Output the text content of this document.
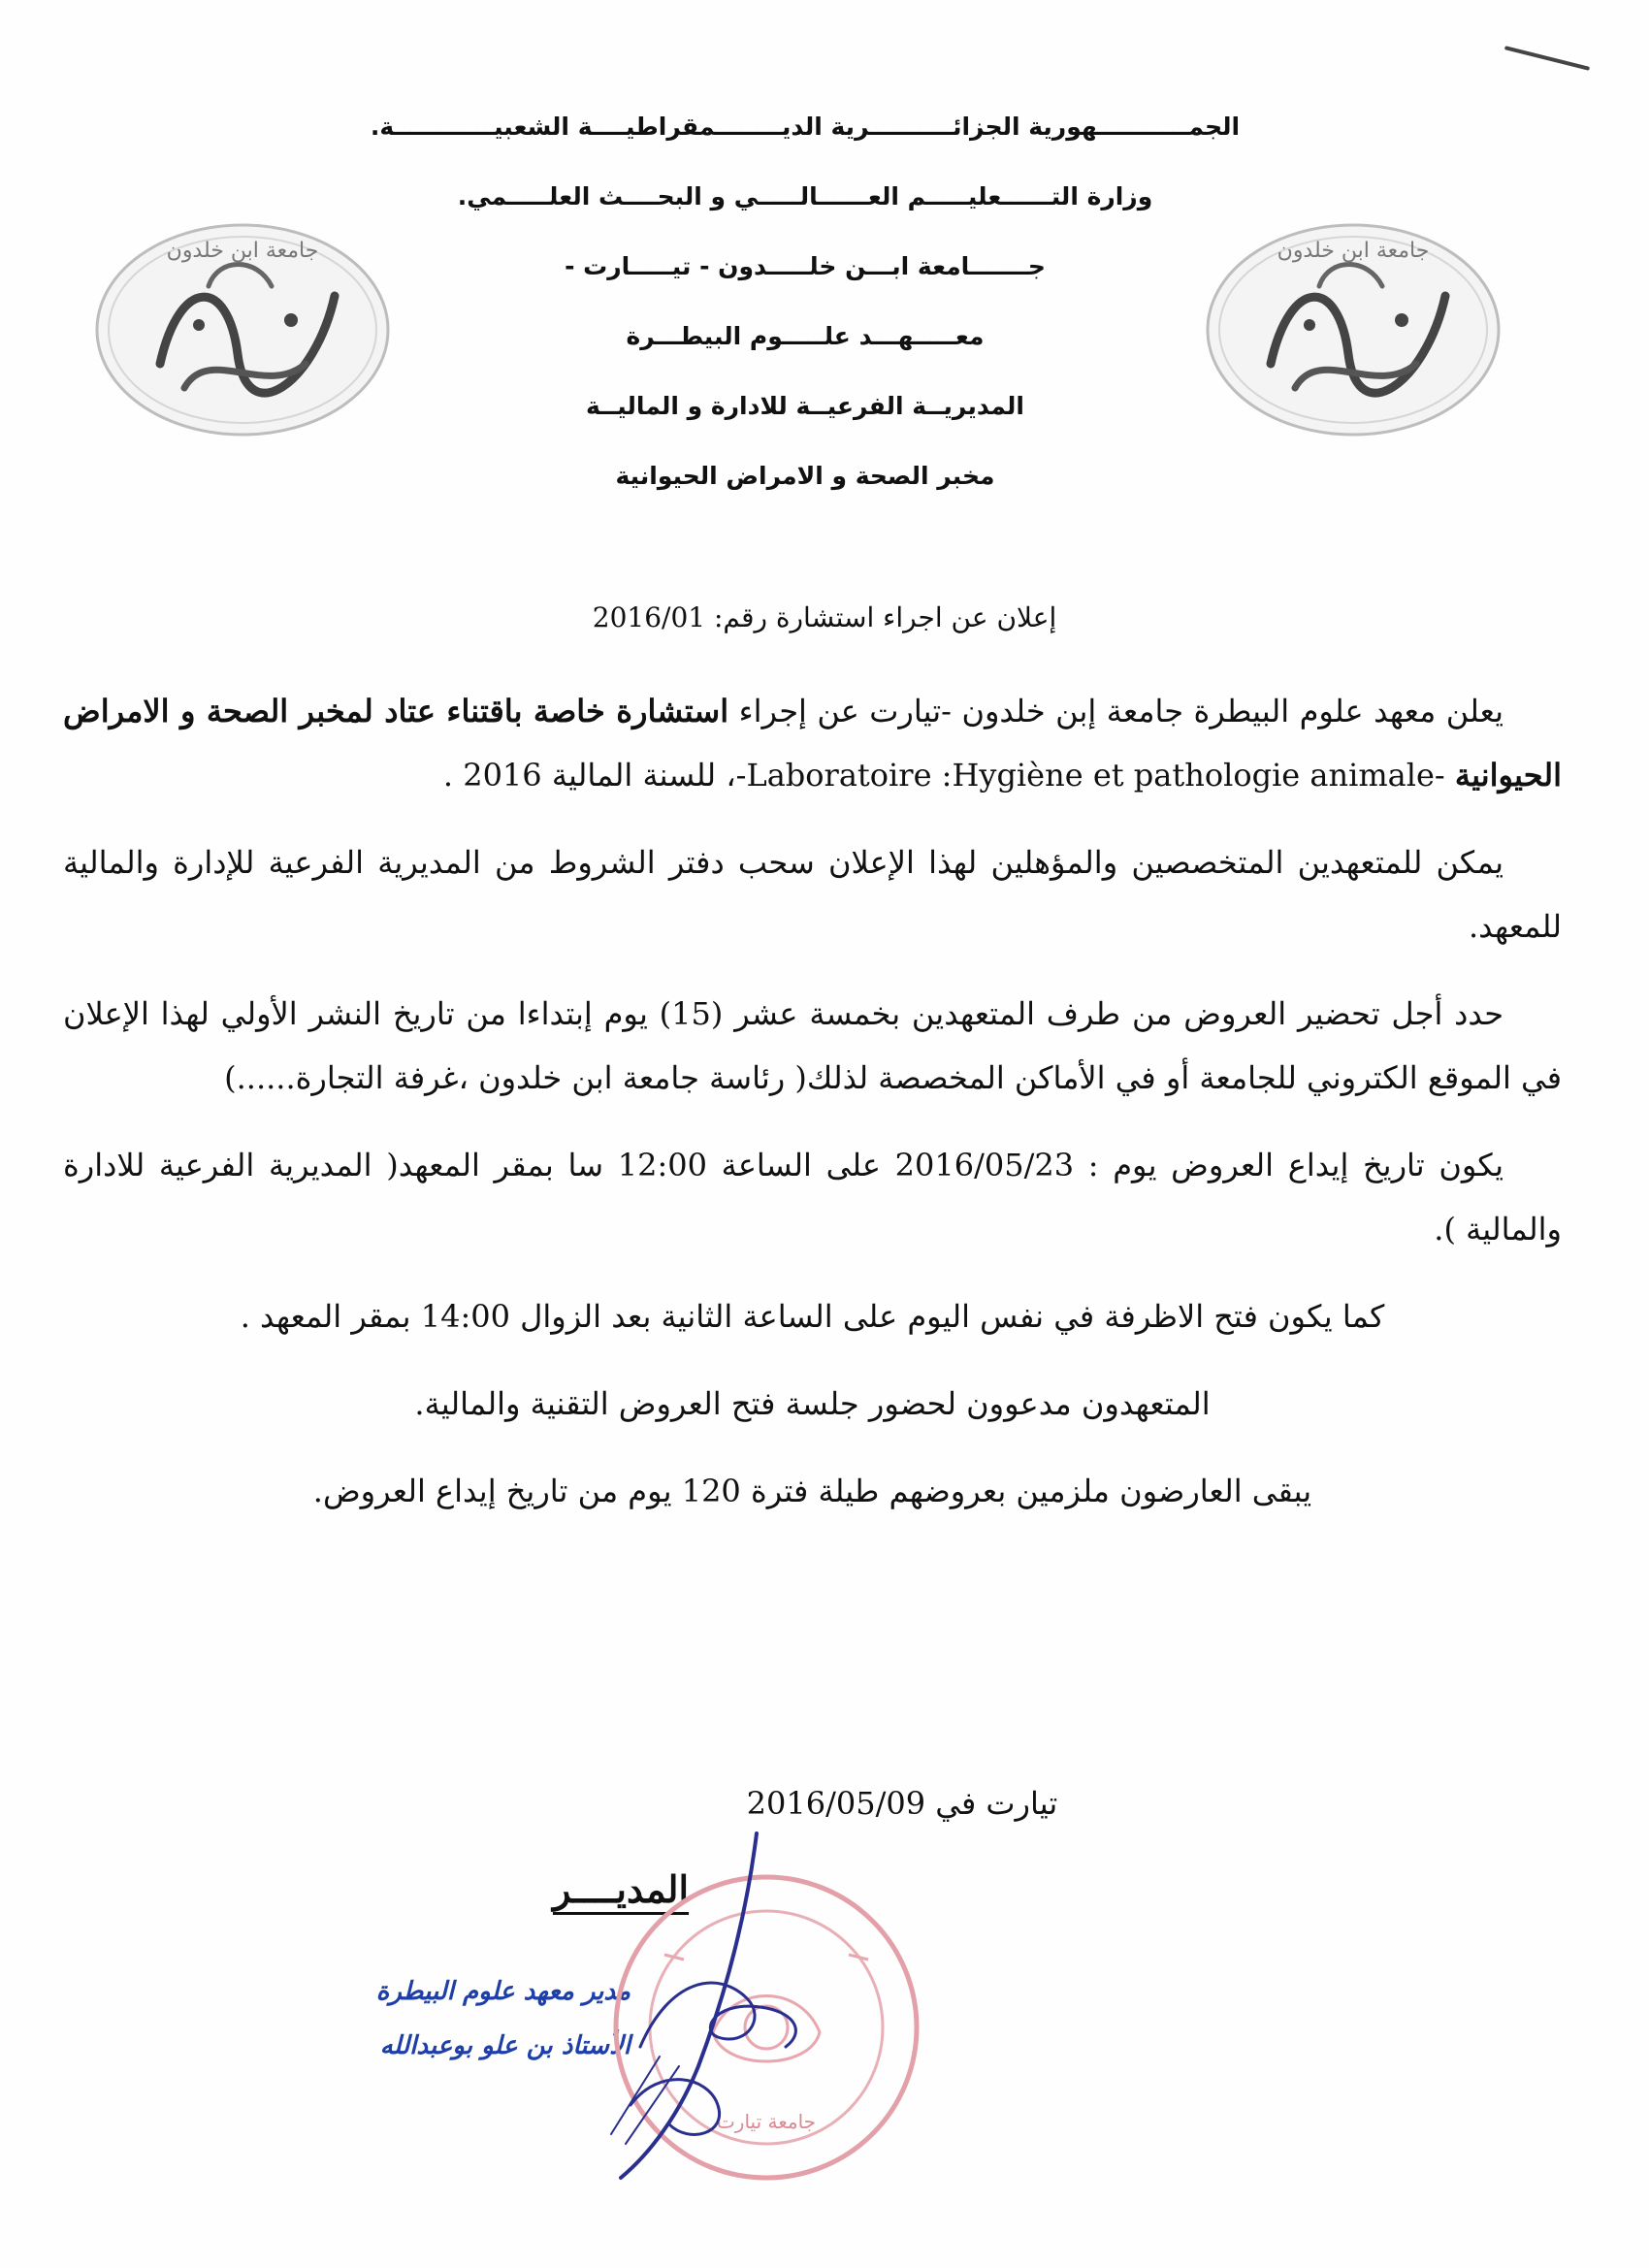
الجمـــــــــــهورية الجزائــــــــــرية الديــــــــمقراطيــــة الشعبيــــــــــــة.
وزارة التــــــعليـــــم العــــــالـــــي و البحــــث العلـــــمي.
جـــــــامعة ابـــن خلـــــدون - تيـــــارت -
معـــــهـــد علـــــوم البيطـــرة
المديريــة الفرعيــة للادارة و الماليــة
مخبر الصحة و الامراض الحيوانية
جامعة ابن خلدون	جامعة ابن خلدون
إعلان عن اجراء استشارة رقم: 2016/01

يعلن معهد علوم البيطرة جامعة إبن خلدون -تيارت عن إجراء استشارة خاصة باقتناء عتاد لمخبر الصحة و الامراض الحيوانية -Laboratoire :Hygiène et pathologie animale-، للسنة المالية 2016 .

يمكن للمتعهدين المتخصصين والمؤهلين لهذا الإعلان سحب دفتر الشروط من المديرية الفرعية للإدارة والمالية للمعهد.

حدد أجل تحضير العروض من طرف المتعهدين بخمسة عشر (15) يوم إبتداءا من تاريخ النشر الأولي لهذا الإعلان في الموقع الكتروني للجامعة أو في الأماكن المخصصة لذلك( رئاسة جامعة ابن خلدون ،غرفة التجارة......)

يكون تاريخ إيداع العروض يوم : 2016/05/23 على الساعة 12:00 سا بمقر المعهد( المديرية الفرعية للادارة والمالية ).

كما يكون فتح الاظرفة في نفس اليوم على الساعة الثانية بعد الزوال 14:00 بمقر المعهد .

المتعهدون مدعوون لحضور جلسة فتح العروض التقنية والمالية.

يبقى العارضون ملزمين بعروضهم طيلة فترة 120 يوم من تاريخ إيداع العروض.

تيارت في 2016/05/09
المديــــر
مدير معهد علوم البيطرة
الأستاذ بن علو بوعبدالله
جامعة تيارت
